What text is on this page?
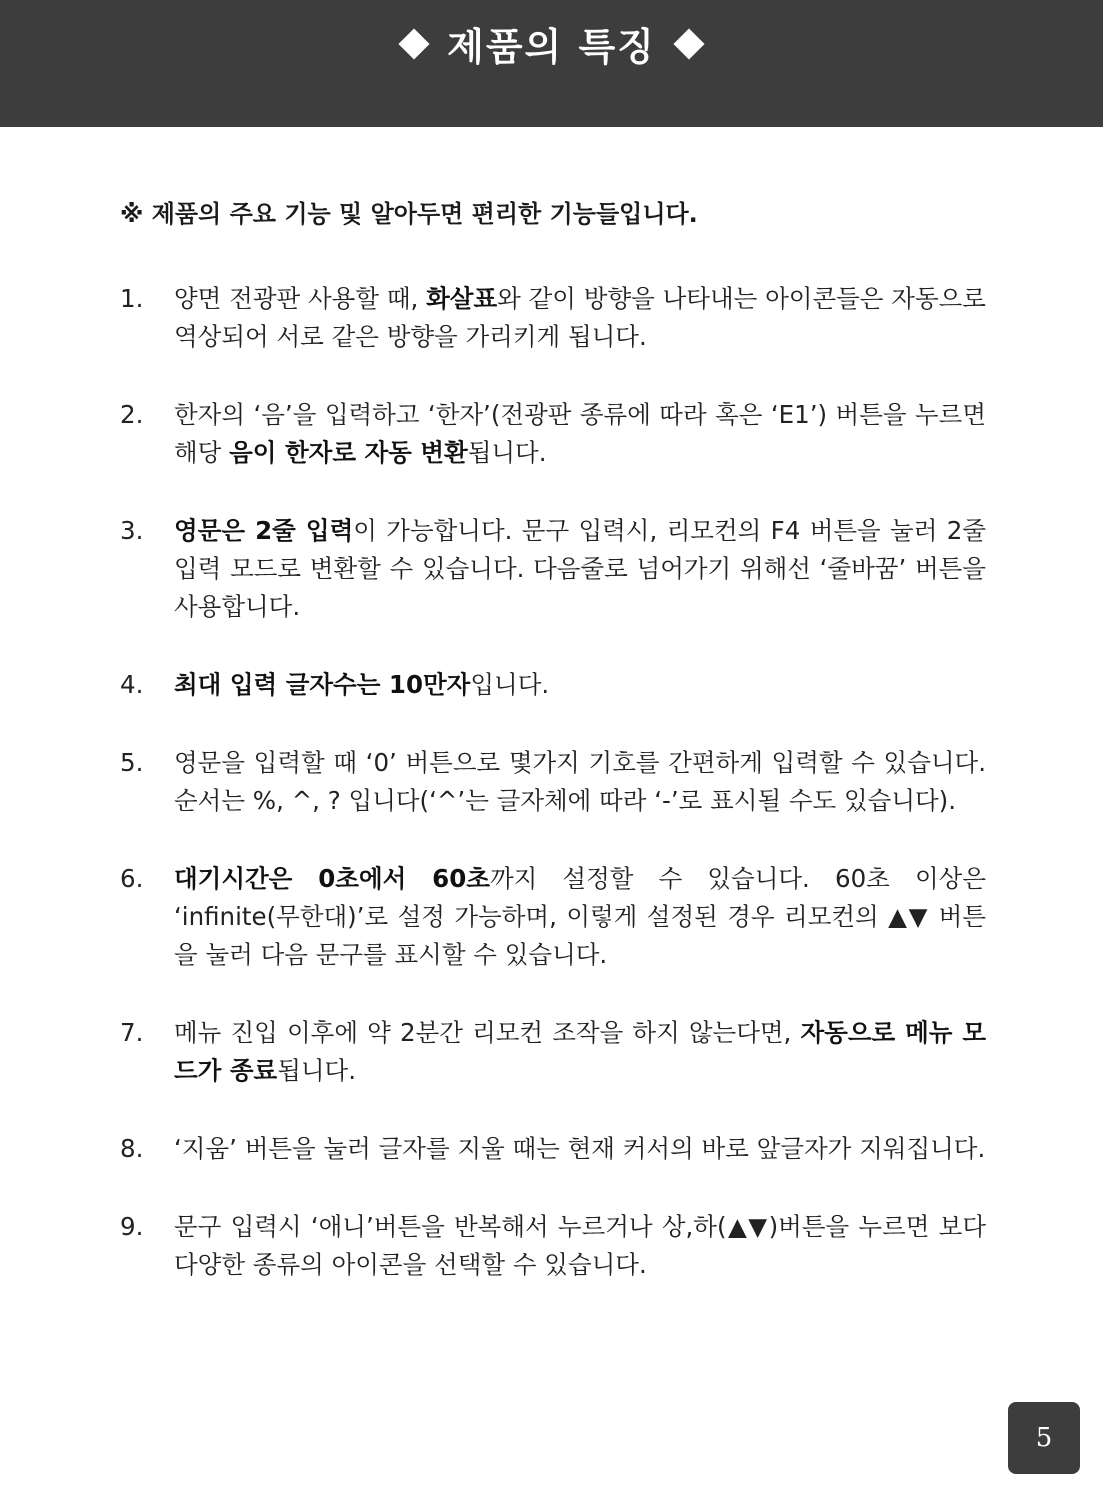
제품의 특징
※ 제품의 주요 기능 및 알아두면 편리한 기능들입니다.
1.	양면 전광판 사용할 때, 화살표와 같이 방향을 나타내는 아이콘들은 자동으로 역상되어 서로 같은 방향을 가리키게 됩니다.
2.	한자의 ‘음’을 입력하고 ‘한자’(전광판 종류에 따라 혹은 ‘E1’) 버튼을 누르면 해당 음이 한자로 자동 변환됩니다.
3.	영문은 2줄 입력이 가능합니다. 문구 입력시, 리모컨의 F4 버튼을 눌러 2줄 입력 모드로 변환할 수 있습니다. 다음줄로 넘어가기 위해선 ‘줄바꿈’ 버튼을 사용합니다.
4.	최대 입력 글자수는 10만자입니다.
5.	영문을 입력할 때 ‘0’ 버튼으로 몇가지 기호를 간편하게 입력할 수 있습니다. 순서는 %, ^, ? 입니다(‘^’는 글자체에 따라 ‘-’로 표시될 수도 있습니다).
6.	대기시간은 0초에서 60초까지 설정할 수 있습니다. 60초 이상은 ‘infinite(무한대)’로 설정 가능하며, 이렇게 설정된 경우 리모컨의 ▲▼ 버튼을 눌러 다음 문구를 표시할 수 있습니다.
7.	메뉴 진입 이후에 약 2분간 리모컨 조작을 하지 않는다면, 자동으로 메뉴 모드가 종료됩니다.
8.	‘지움’ 버튼을 눌러 글자를 지울 때는 현재 커서의 바로 앞글자가 지워집니다.
9.	문구 입력시 ‘애니’버튼을 반복해서 누르거나 상,하(▲▼)버튼을 누르면 보다 다양한 종류의 아이콘을 선택할 수 있습니다.
5
